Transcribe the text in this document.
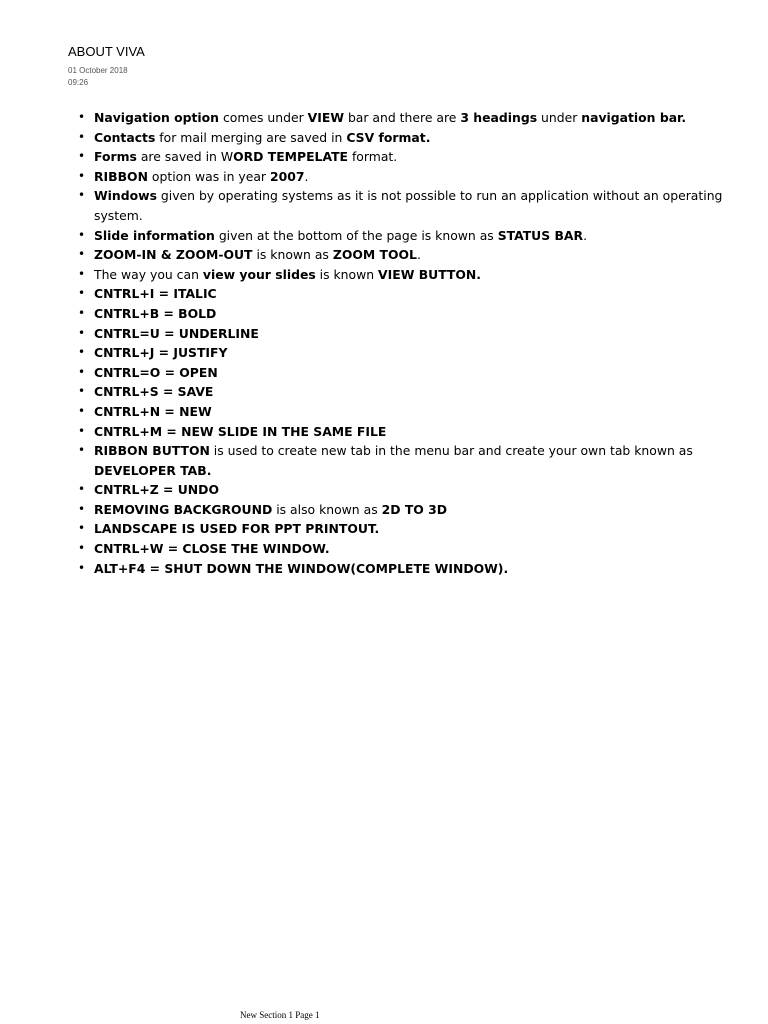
ABOUT VIVA
01 October 2018
09:26
• Navigation option comes under VIEW bar and there are 3 headings under navigation bar.
• Contacts for mail merging are saved in CSV format.
• Forms are saved in WORD TEMPELATE format.
• RIBBON option was in year 2007.
• Windows given by operating systems as it is not possible to run an application without an operating system.
• Slide information given at the bottom of the page is known as STATUS BAR.
• ZOOM-IN & ZOOM-OUT is known as ZOOM TOOL.
• The way you can view your slides is known VIEW BUTTON.
• CNTRL+I = ITALIC
• CNTRL+B = BOLD
• CNTRL=U = UNDERLINE
• CNTRL+J = JUSTIFY
• CNTRL=O = OPEN
• CNTRL+S = SAVE
• CNTRL+N = NEW
• CNTRL+M = NEW SLIDE IN THE SAME FILE
• RIBBON BUTTON is used to create new tab in the menu bar and create your own tab known as DEVELOPER TAB.
• CNTRL+Z = UNDO
• REMOVING BACKGROUND is also known as 2D TO 3D
• LANDSCAPE IS USED FOR PPT PRINTOUT.
• CNTRL+W = CLOSE THE WINDOW.
• ALT+F4 = SHUT DOWN THE WINDOW(COMPLETE WINDOW).
New Section 1 Page 1
